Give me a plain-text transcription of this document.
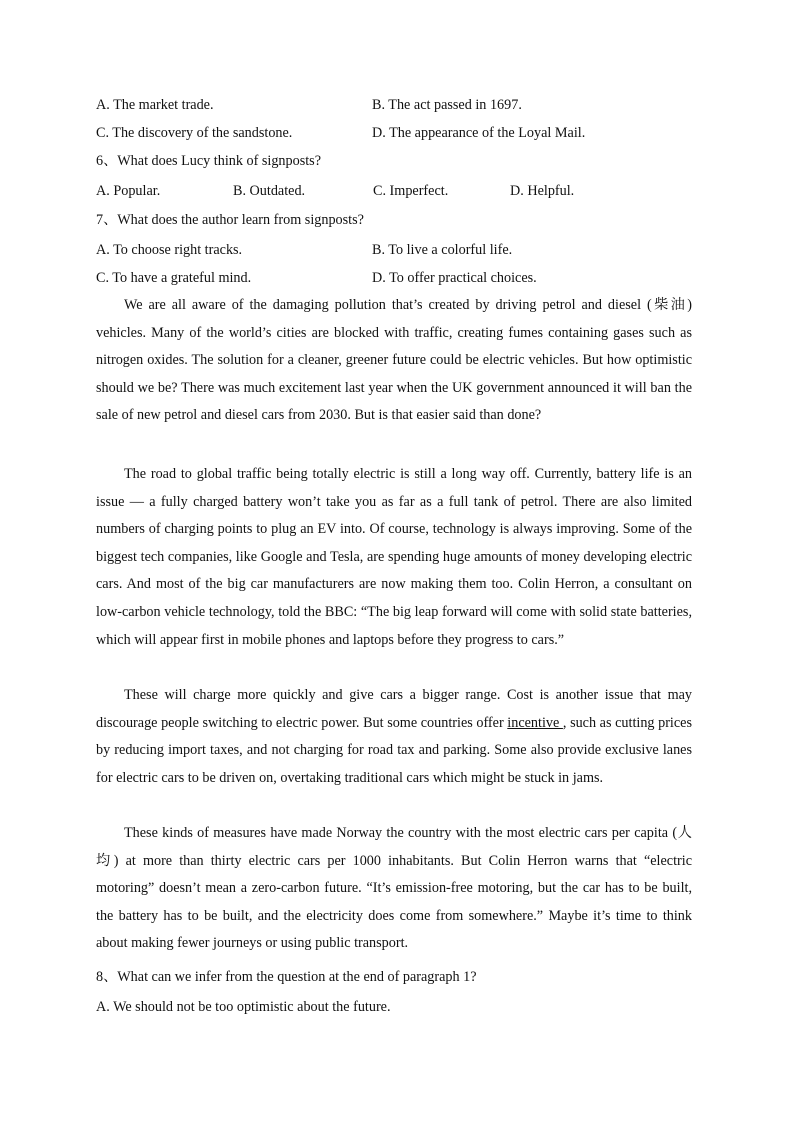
A. The market trade.	B. The act passed in 1697.
C. The discovery of the sandstone.	D. The appearance of the Loyal Mail.
6、What does Lucy think of signposts?
A. Popular.	B. Outdated.	C. Imperfect.	D. Helpful.
7、What does the author learn from signposts?
A. To choose right tracks.	B. To live a colorful life.
C. To have a grateful mind.	D. To offer practical choices.
We are all aware of the damaging pollution that’s created by driving petrol and diesel (柴油) vehicles. Many of the world’s cities are blocked with traffic, creating fumes containing gases such as nitrogen oxides. The solution for a cleaner, greener future could be electric vehicles. But how optimistic should we be? There was much excitement last year when the UK government announced it will ban the sale of new petrol and diesel cars from 2030. But is that easier said than done?
The road to global traffic being totally electric is still a long way off. Currently, battery life is an issue — a fully charged battery won’t take you as far as a full tank of petrol. There are also limited numbers of charging points to plug an EV into. Of course, technology is always improving. Some of the biggest tech companies, like Google and Tesla, are spending huge amounts of money developing electric cars. And most of the big car manufacturers are now making them too. Colin Herron, a consultant on low-carbon vehicle technology, told the BBC: “The big leap forward will come with solid state batteries, which will appear first in mobile phones and laptops before they progress to cars.”
These will charge more quickly and give cars a bigger range. Cost is another issue that may discourage people switching to electric power. But some countries offer incentive , such as cutting prices by reducing import taxes, and not charging for road tax and parking. Some also provide exclusive lanes for electric cars to be driven on, overtaking traditional cars which might be stuck in jams.
These kinds of measures have made Norway the country with the most electric cars per capita (人均) at more than thirty electric cars per 1000 inhabitants. But Colin Herron warns that “electric motoring” doesn’t mean a zero-carbon future. “It’s emission-free motoring, but the car has to be built, the battery has to be built, and the electricity does come from somewhere.” Maybe it’s time to think about making fewer journeys or using public transport.
8、What can we infer from the question at the end of paragraph 1?
A. We should not be too optimistic about the future.
